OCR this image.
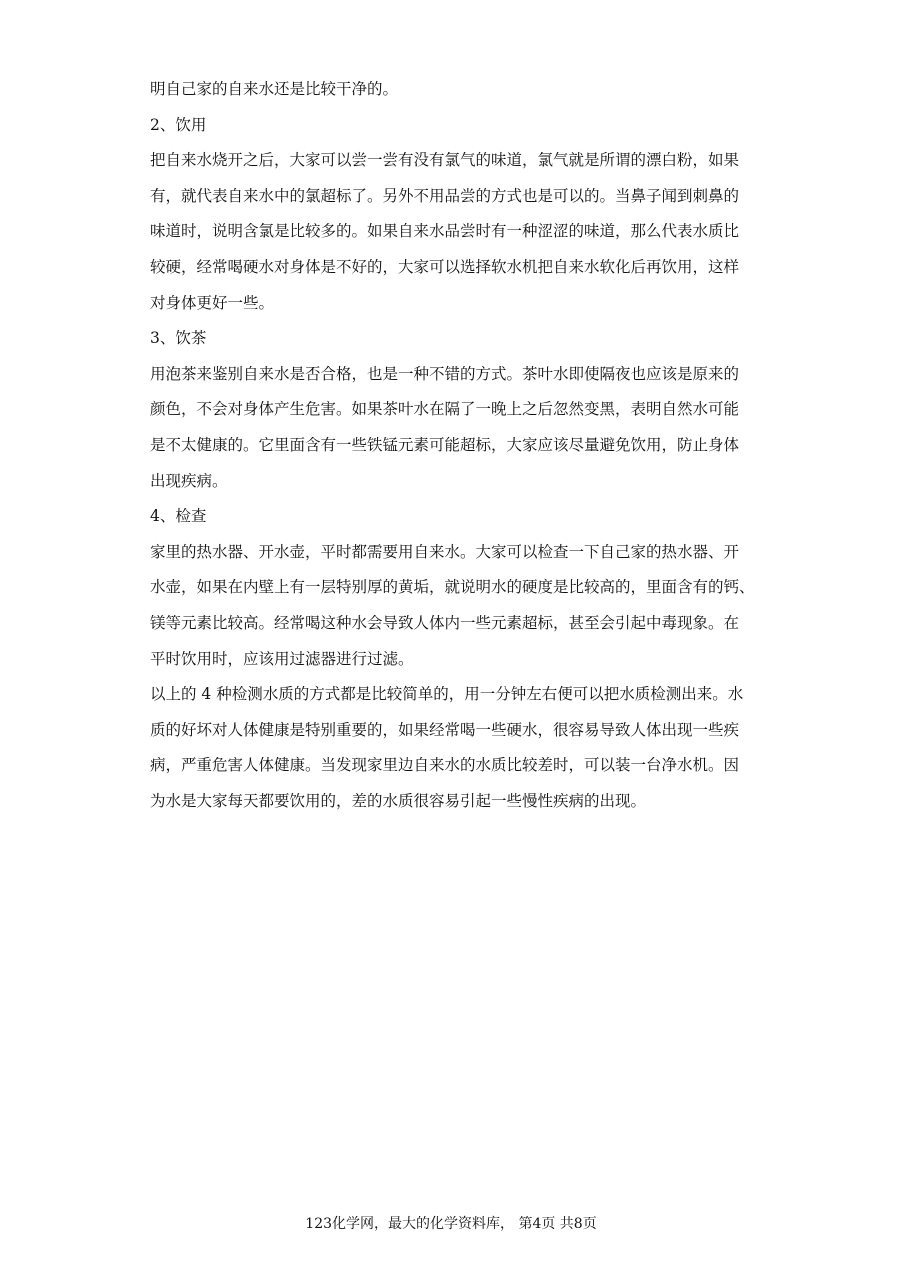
明自己家的自来水还是比较干净的。
2、饮用
把自来水烧开之后，大家可以尝一尝有没有氯气的味道，氯气就是所谓的漂白粉，如果
有，就代表自来水中的氯超标了。另外不用品尝的方式也是可以的。当鼻子闻到刺鼻的
味道时，说明含氯是比较多的。如果自来水品尝时有一种涩涩的味道，那么代表水质比
较硬，经常喝硬水对身体是不好的，大家可以选择软水机把自来水软化后再饮用，这样
对身体更好一些。
3、饮茶
用泡茶来鉴别自来水是否合格，也是一种不错的方式。茶叶水即使隔夜也应该是原来的
颜色，不会对身体产生危害。如果茶叶水在隔了一晚上之后忽然变黑，表明自然水可能
是不太健康的。它里面含有一些铁锰元素可能超标，大家应该尽量避免饮用，防止身体
出现疾病。
4、检查
家里的热水器、开水壶，平时都需要用自来水。大家可以检查一下自己家的热水器、开
水壶，如果在内壁上有一层特别厚的黄垢，就说明水的硬度是比较高的，里面含有的钙、
镁等元素比较高。经常喝这种水会导致人体内一些元素超标，甚至会引起中毒现象。在
平时饮用时，应该用过滤器进行过滤。
以上的 4 种检测水质的方式都是比较简单的，用一分钟左右便可以把水质检测出来。水
质的好坏对人体健康是特别重要的，如果经常喝一些硬水，很容易导致人体出现一些疾
病，严重危害人体健康。当发现家里边自来水的水质比较差时，可以装一台净水机。因
为水是大家每天都要饮用的，差的水质很容易引起一些慢性疾病的出现。
123化学网，最大的化学资料库， 第4页 共8页
